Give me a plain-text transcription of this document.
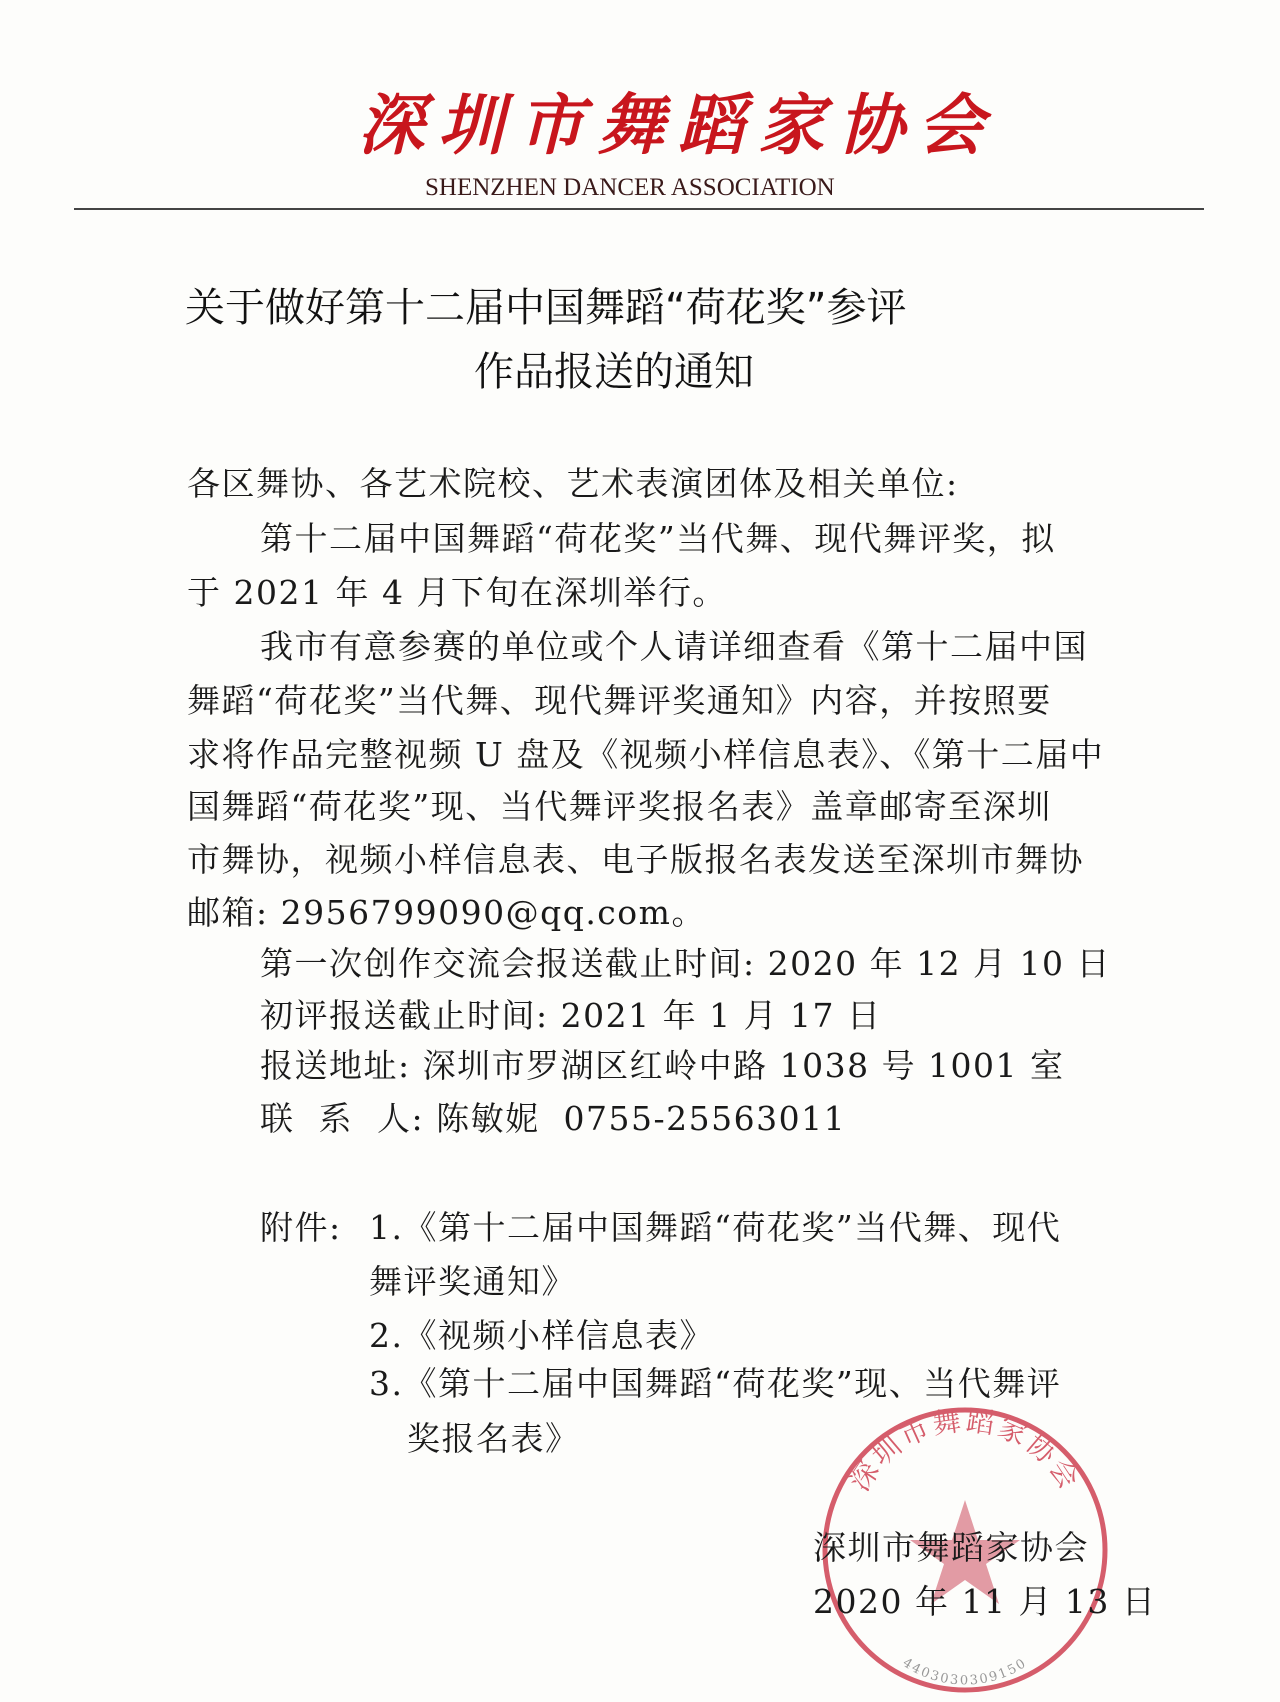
深圳市舞蹈家协会
SHENZHEN DANCER ASSOCIATION
关于做好第十二届中国舞蹈“荷花奖”参评
作品报送的通知
各区舞协、各艺术院校、艺术表演团体及相关单位:
第十二届中国舞蹈“荷花奖”当代舞、现代舞评奖，拟
于 2021 年 4 月下旬在深圳举行。
我市有意参赛的单位或个人请详细查看《第十二届中国
舞蹈“荷花奖”当代舞、现代舞评奖通知》内容，并按照要
求将作品完整视频 U 盘及《视频小样信息表》、《第十二届中
国舞蹈“荷花奖”现、当代舞评奖报名表》盖章邮寄至深圳
市舞协，视频小样信息表、电子版报名表发送至深圳市舞协
邮箱: 2956799090@qq.com。
第一次创作交流会报送截止时间: 2020 年 12 月 10 日
初评报送截止时间: 2021 年 1 月 17 日
报送地址: 深圳市罗湖区红岭中路 1038 号 1001 室
联  系  人: 陈敏妮  0755-25563011
附件: 1.《第十二届中国舞蹈“荷花奖”当代舞、现代
舞评奖通知》
2.《视频小样信息表》
3.《第十二届中国舞蹈“荷花奖”现、当代舞评
奖报名表》
深圳市舞蹈家协会
4403030309150
深圳市舞蹈家协会
2020 年 11 月 13 日
